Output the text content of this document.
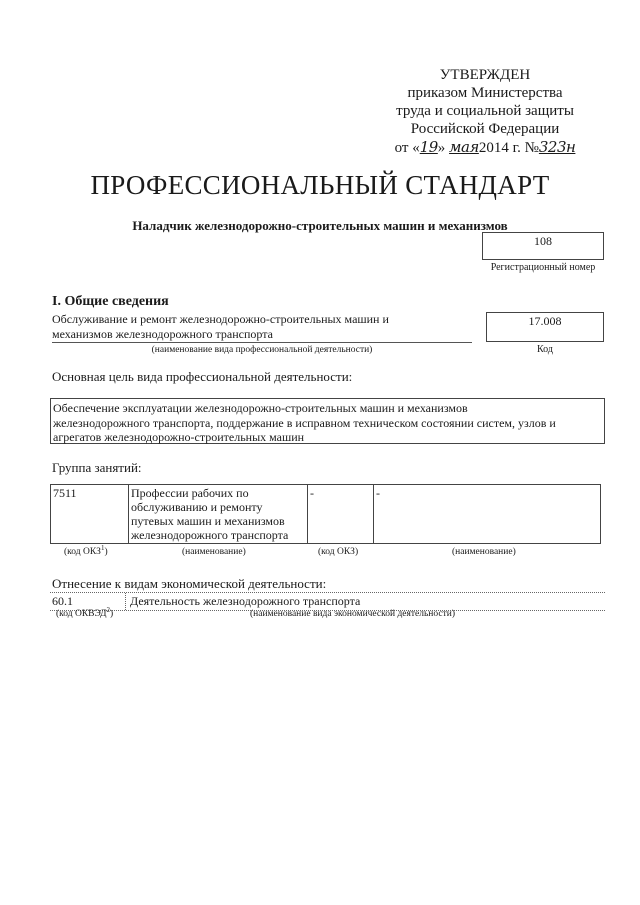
УТВЕРЖДЕН
приказом Министерства
труда и социальной защиты
Российской Федерации
от «19» мая2014 г. №323н
ПРОФЕССИОНАЛЬНЫЙ СТАНДАРТ
Наладчик железнодорожно-строительных машин и механизмов
108
Регистрационный номер
I. Общие сведения
Обслуживание и ремонт железнодорожно-строительных машин и
механизмов железнодорожного транспорта
(наименование вида профессиональной деятельности)
17.008
Код
Основная цель вида профессиональной деятельности:
Обеспечение эксплуатации железнодорожно-строительных машин и механизмов
железнодорожного транспорта, поддержание в исправном техническом состоянии систем, узлов и
агрегатов железнодорожно-строительных машин
Группа занятий:
7511	Профессии рабочих по
обслуживанию и ремонту
путевых машин и механизмов
железнодорожного транспорта
	-	-
(код ОКЗ$^1$)	(наименование)	(код ОКЗ)	(наименование)
Отнесение к видам экономической деятельности:
60.1	Деятельность железнодорожного транспорта
(код ОКВЭД$^2$)	(наименование вида экономической деятельности)
